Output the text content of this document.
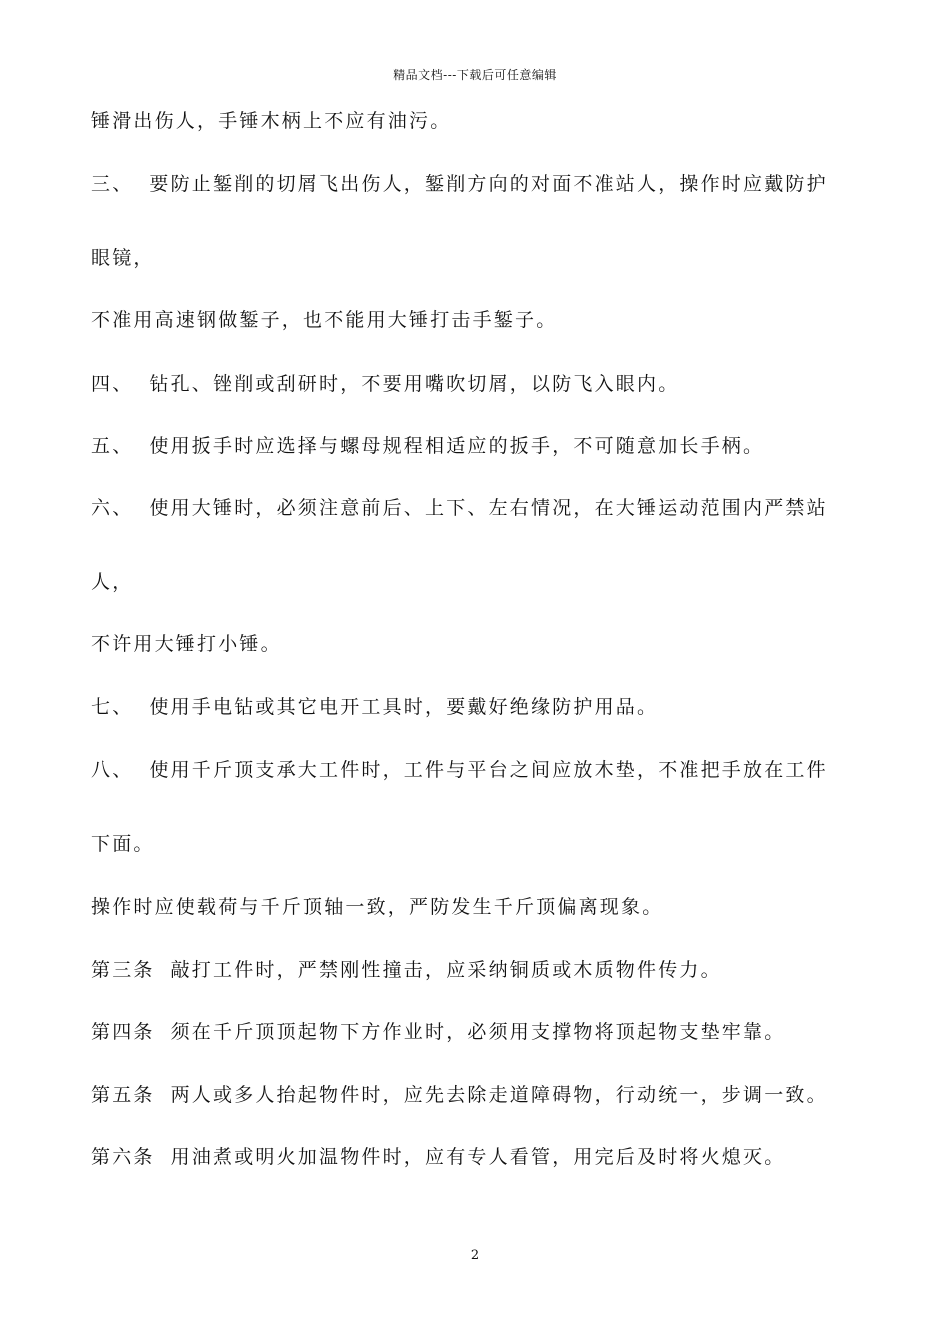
精品文档---下载后可任意编辑
锤滑出伤人，手锤木柄上不应有油污。
三、 要防止錾削的切屑飞出伤人，錾削方向的对面不准站人，操作时应戴防护
眼镜，
不准用高速钢做錾子，也不能用大锤打击手錾子。
四、 钻孔、锉削或刮研时，不要用嘴吹切屑，以防飞入眼内。
五、 使用扳手时应选择与螺母规程相适应的扳手，不可随意加长手柄。
六、 使用大锤时，必须注意前后、上下、左右情况，在大锤运动范围内严禁站
人，
不许用大锤打小锤。
七、 使用手电钻或其它电开工具时，要戴好绝缘防护用品。
八、 使用千斤顶支承大工件时，工件与平台之间应放木垫，不准把手放在工件
下面。
操作时应使载荷与千斤顶轴一致，严防发生千斤顶偏离现象。
第三条 敲打工件时，严禁刚性撞击，应采纳铜质或木质物件传力。
第四条 须在千斤顶顶起物下方作业时，必须用支撑物将顶起物支垫牢靠。
第五条 两人或多人抬起物件时，应先去除走道障碍物，行动统一，步调一致。
第六条 用油煮或明火加温物件时，应有专人看管，用完后及时将火熄灭。
2
